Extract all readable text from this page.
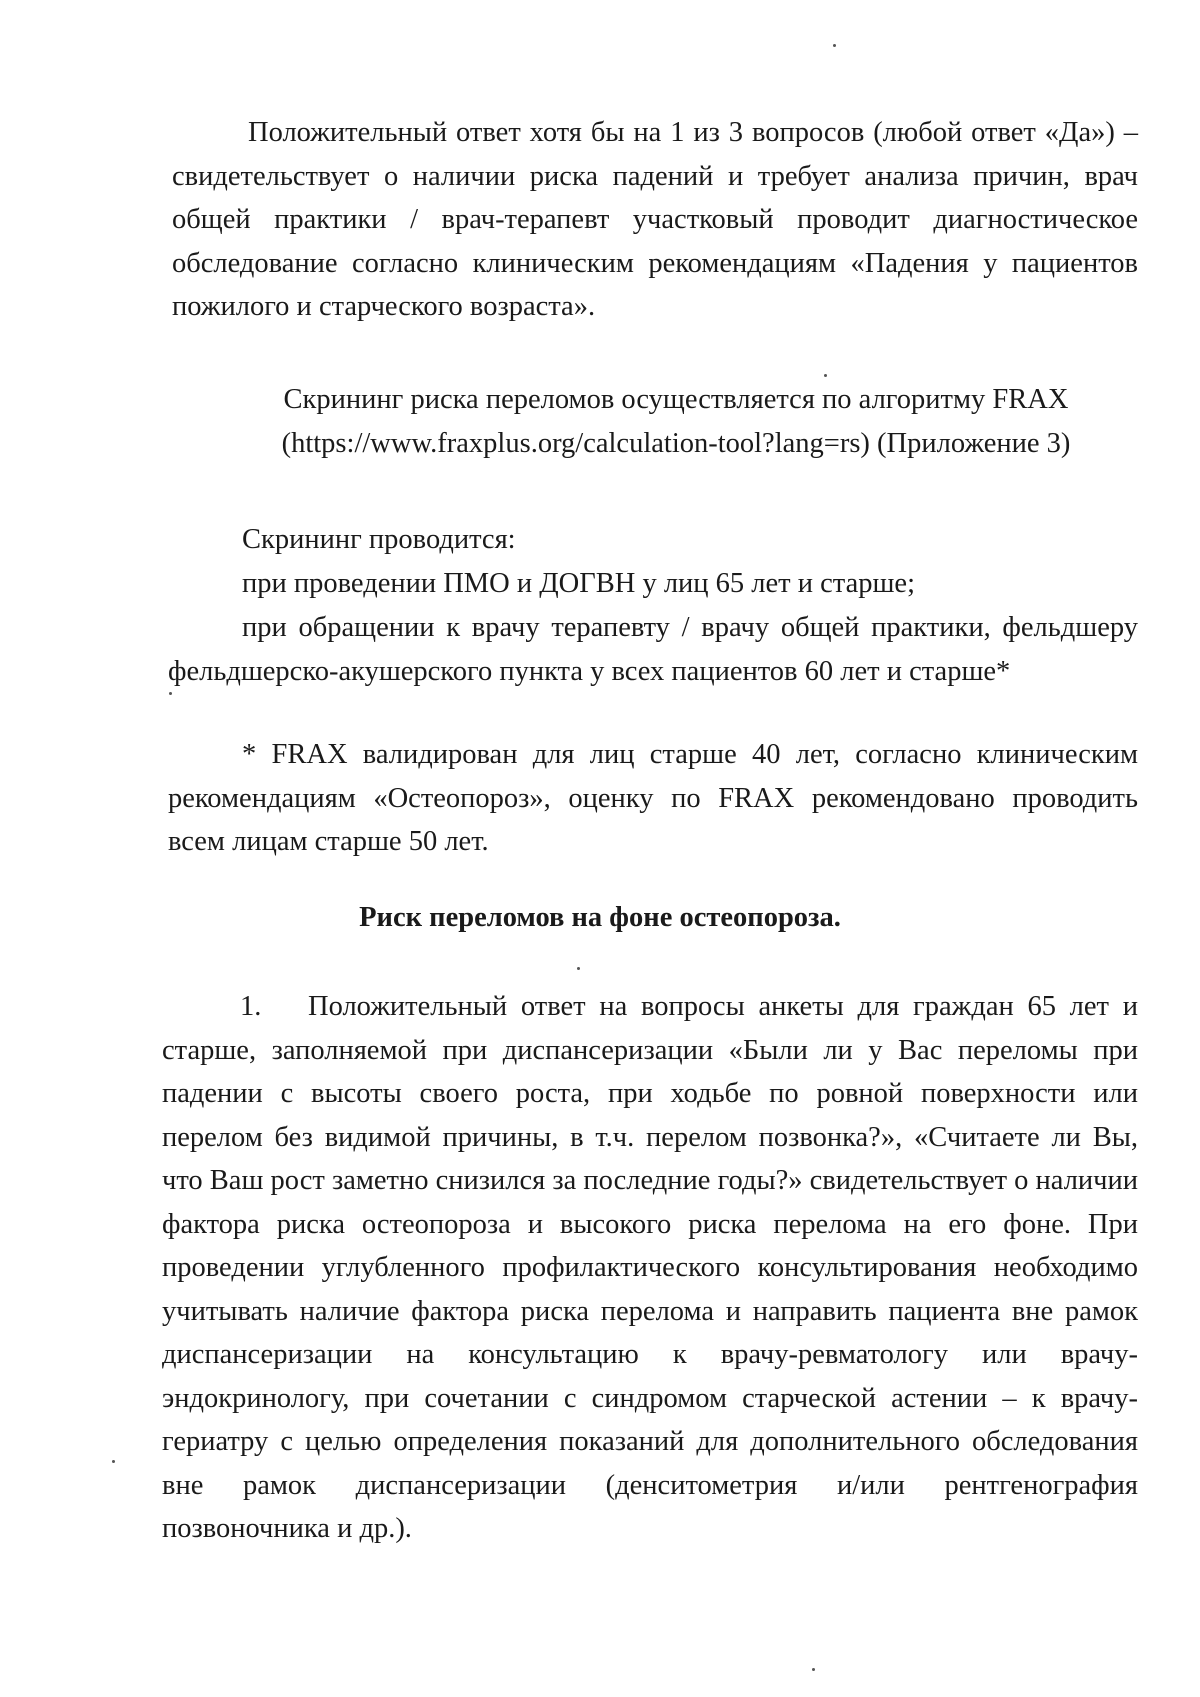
Положительный ответ хотя бы на 1 из 3 вопросов (любой ответ «Да») – свидетельствует о наличии риска падений и требует анализа причин, врач общей практики / врач-терапевт участковый проводит диагностическое обследование согласно клиническим рекомендациям «Падения у пациентов пожилого и старческого возраста».

Скрининг риска переломов осуществляется по алгоритму FRAX
(https://www.fraxplus.org/calculation-tool?lang=rs) (Приложение 3)

Скрининг проводится:

при проведении ПМО и ДОГВН у лиц 65 лет и старше;

при обращении к врачу терапевту / врачу общей практики, фельдшеру фельдшерско-акушерского пункта у всех пациентов 60 лет и старше*

* FRAX валидирован для лиц старше 40 лет, согласно клиническим рекомендациям «Остеопороз», оценку по FRAX рекомендовано проводить всем лицам старше 50 лет.

Риск переломов на фоне остеопороза.

1. Положительный ответ на вопросы анкеты для граждан 65 лет и старше, заполняемой при диспансеризации «Были ли у Вас переломы при падении с высоты своего роста, при ходьбе по ровной поверхности или перелом без видимой причины, в т.ч. перелом позвонка?», «Считаете ли Вы, что Ваш рост заметно снизился за последние годы?» свидетельствует о наличии фактора риска остеопороза и высокого риска перелома на его фоне. При проведении углубленного профилактического консультирования необходимо учитывать наличие фактора риска перелома и направить пациента вне рамок диспансеризации на консультацию к врачу-ревматологу или врачу-эндокринологу, при сочетании с синдромом старческой астении – к врачу-гериатру с целью определения показаний для дополнительного обследования вне рамок диспансеризации (денситометрия и/или рентгенография позвоночника и др.).
